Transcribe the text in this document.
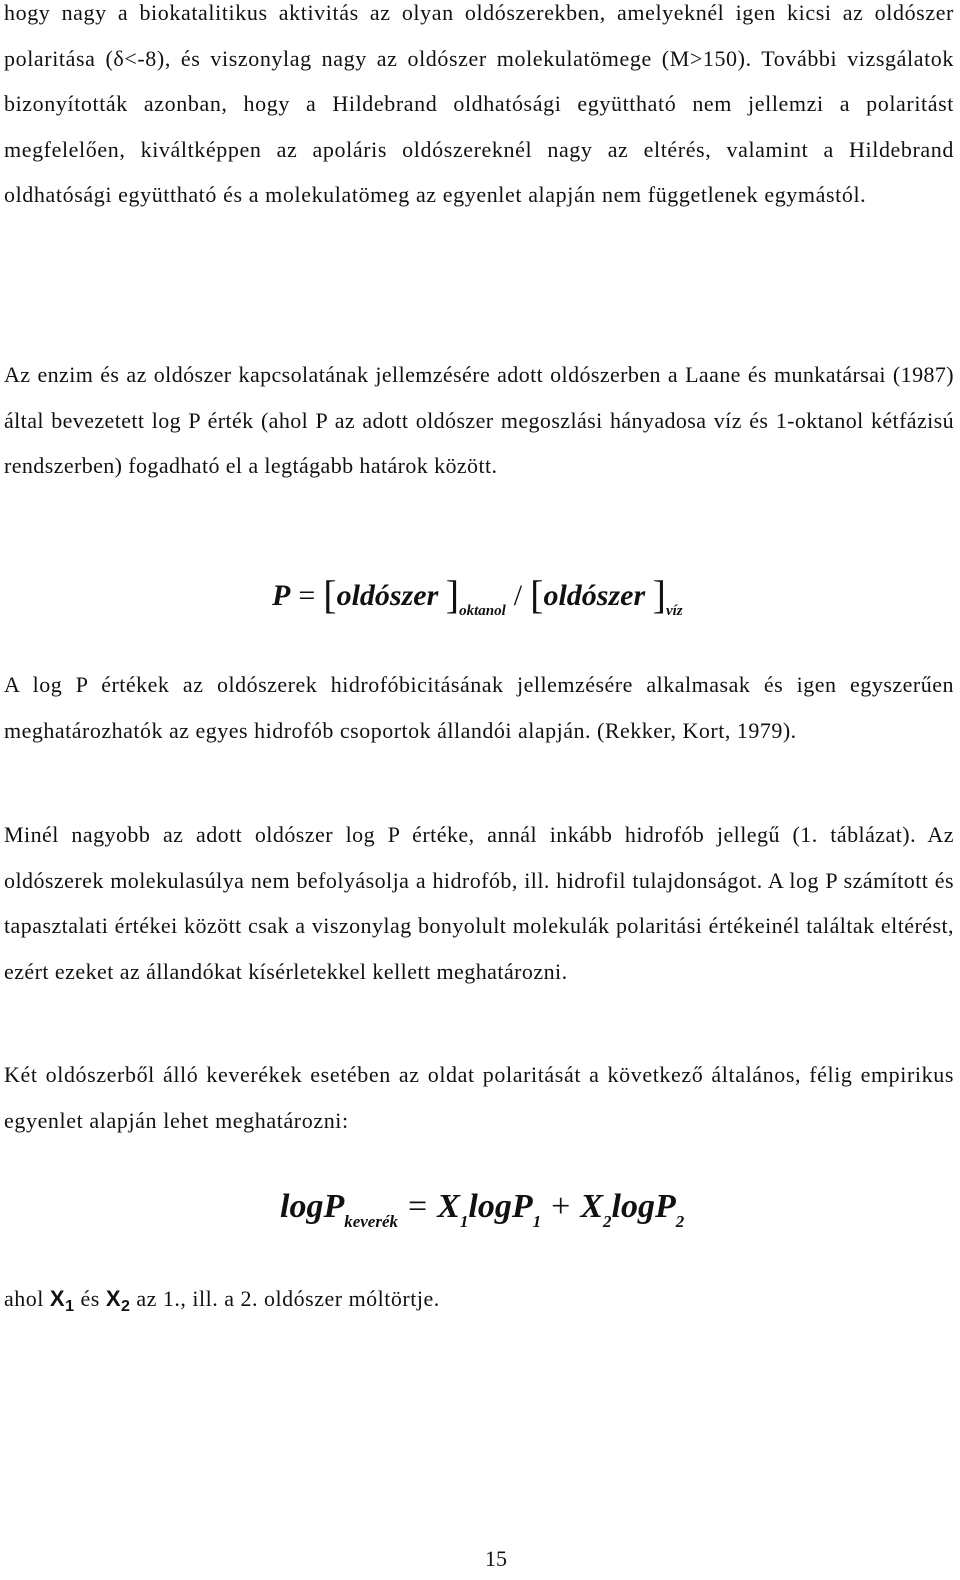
hogy nagy a biokatalitikus aktivitás az olyan oldószerekben, amelyeknél igen kicsi az oldószer polaritása (δ<-8), és viszonylag nagy az oldószer molekulatömege (M>150). További vizsgálatok bizonyították azonban, hogy a Hildebrand oldhatósági együttható nem jellemzi a polaritást megfelelően, kiváltképpen az apoláris oldószereknél nagy az eltérés, valamint a Hildebrand oldhatósági együttható és a molekulatömeg az egyenlet alapján nem függetlenek egymástól.

Az enzim és az oldószer kapcsolatának jellemzésére adott oldószerben a Laane és munkatársai (1987) által bevezetett log P érték (ahol P az adott oldószer megoszlási hányadosa víz és 1-oktanol kétfázisú rendszerben) fogadható el a legtágabb határok között.

P = [oldószer ]$_{oktanol}$ / [oldószer ]$_{víz}$

A log P értékek az oldószerek hidrofóbicitásának jellemzésére alkalmasak és igen egyszerűen meghatározhatók az egyes hidrofób csoportok állandói alapján. (Rekker, Kort, 1979).

Minél nagyobb az adott oldószer log P értéke, annál inkább hidrofób jellegű (1. táblázat). Az oldószerek molekulasúlya nem befolyásolja a hidrofób, ill. hidrofil tulajdonságot. A log P számított és tapasztalati értékei között csak a viszonylag bonyolult molekulák polaritási értékeinél találtak eltérést, ezért ezeket az állandókat kísérletekkel kellett meghatározni.

Két oldószerből álló keverékek esetében az oldat polaritását a következő általános, félig empirikus egyenlet alapján lehet meghatározni:

$\log P_{keverék} = X_1\log P_1 + X_2\log P_2$

ahol $X_1$ és $X_2$ az 1., ill. a 2. oldószer móltörtje.

15
